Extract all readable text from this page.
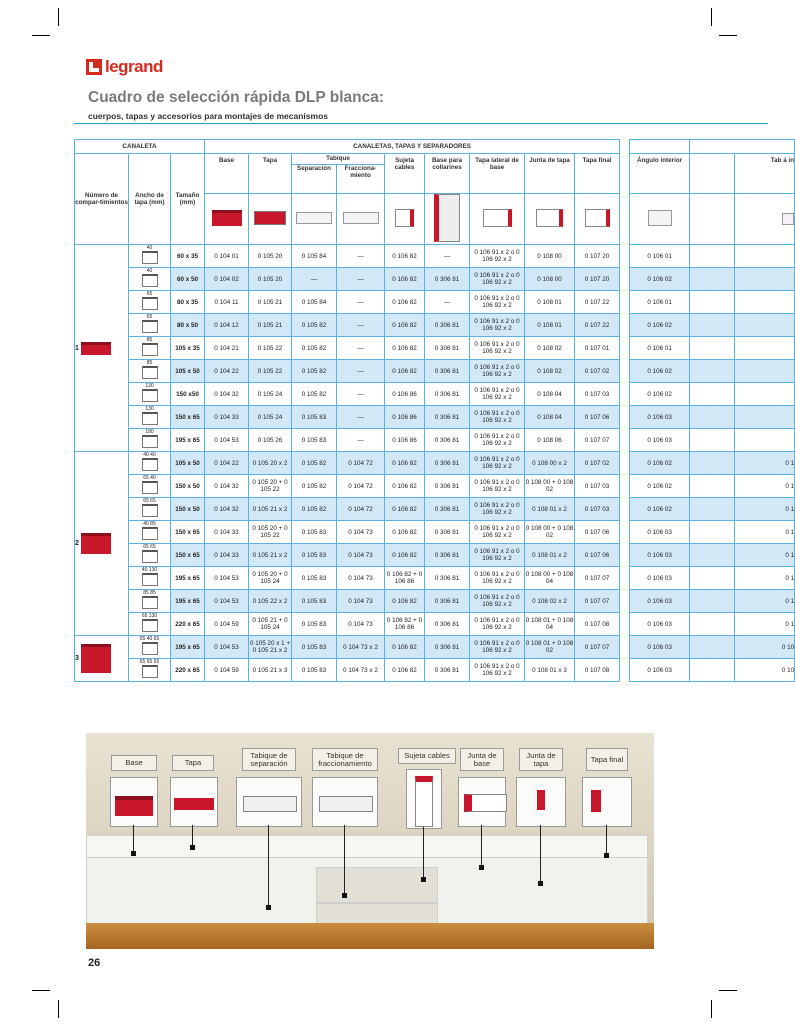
legrand
Cuadro de selección rápida DLP blanca:
cuerpos, tapas y accesorios para montajes de mecanismos
CANALETA			CANALETAS, TAPAS Y SEPARADORES												
Número de compar-timientos	Ancho de tapa (mm)	Tamaño (mm)	Base	Tapa	Tabique		Sujeta cables	Base para collarines	Tapa lateral de base	Junta de tapa	Tapa final		Ángulo interior		Tab á in
					Separación	Fracciona-miento									

1	40	60 x 35	0 104 01	0 105 20	0 105 84	—	0 106 82	—	0 106 91 x 2 o 0 106 92 x 2	0 108 00	0 107 20		0 106 01		

	40	60 x 50	0 104 02	0 105 20	—	—	0 106 82	0 306 81	0 106 91 x 2 o 0 106 92 x 2	0 108 00	0 107 20		0 106 02		

	65	80 x 35	0 104 11	0 105 21	0 105 84	—	0 106 82	—	0 106 91 x 2 o 0 106 92 x 2	0 108 01	0 107 22		0 106 01		

	65	80 x 50	0 104 12	0 105 21	0 105 82	—	0 106 82	0 306 81	0 106 91 x 2 o 0 106 92 x 2	0 108 01	0 107 22		0 106 02		

	85	105 x 35	0 104 21	0 105 22	0 105 82	—	0 106 82	0 306 81	0 106 91 x 2 o 0 106 92 x 2	0 108 02	0 107 01		0 106 01		

	85	105 x 50	0 104 22	0 105 22	0 105 82	—	0 106 82	0 306 81	0 106 91 x 2 o 0 106 92 x 2	0 108 02	0 107 02		0 106 02		

	130	150 x50	0 104 32	0 105 24	0 105 82	—	0 106 86	0 306 81	0 106 91 x 2 o 0 106 92 x 2	0 108 04	0 107 03		0 106 02		

	130	150 x 65	0 104 33	0 105 24	0 105 83	—	0 106 86	0 306 81	0 106 91 x 2 o 0 106 92 x 2	0 108 04	0 107 06		0 106 03		

	180	195 x 65	0 104 53	0 105 26	0 105 83	—	0 106 86	0 306 81	0 106 91 x 2 o 0 106 92 x 2	0 108 06	0 107 07		0 106 03		
2	40 40	105 x 50	0 104 22	0 105 20 x 2	0 105 82	0 104 72	0 106 82	0 306 81	0 106 91 x 2 o 0 106 92 x 2	0 108 00 x 2	0 107 02		0 106 02		0 1

	65 40	150 x 50	0 104 32	0 105 20 + 0 105 22	0 105 82	0 104 72	0 106 82	0 306 81	0 106 91 x 2 o 0 106 92 x 2	0 108 00 + 0 108 02	0 107 03		0 106 02		0 1

	65 65	150 x 50	0 104 32	0 105 21 x 2	0 105 82	0 104 72	0 106 82	0 306 81	0 106 91 x 2 o 0 106 92 x 2	0 108 01 x 2	0 107 03		0 106 02		0 1

	40 85	150 x 65	0 104 33	0 105 20 + 0 105 22	0 105 83	0 104 73	0 106 82	0 306 81	0 106 91 x 2 o 0 106 92 x 2	0 108 00 + 0 108 02	0 107 06		0 106 03		0 1

	65 65	150 x 65	0 104 33	0 105 21 x 2	0 105 83	0 104 73	0 106 82	0 306 81	0 106 91 x 2 o 0 106 92 x 2	0 108 01 x 2	0 107 06		0 106 03		0 1

	40 130	195 x 65	0 104 53	0 105 20 + 0 105 24	0 105 83	0 104 73	0 106 82 + 0 106 86	0 306 81	0 106 91 x 2 o 0 106 92 x 2	0 108 00 + 0 108 04	0 107 07		0 106 03		0 1

	85 85	195 x 65	0 104 53	0 105 22 x 2	0 105 83	0 104 73	0 106 82	0 306 81	0 106 91 x 2 o 0 106 92 x 2	0 108 02 x 2	0 107 07		0 106 03		0 1

	65 130	220 x 65	0 104 59	0 105 21 + 0 105 24	0 105 83	0 104 73	0 106 82 + 0 106 86	0 306 81	0 106 91 x 2 o 0 106 92 x 2	0 108 01 + 0 108 04	0 107 08		0 106 03		0 1
3	65 40 65	195 x 65	0 104 53	0 105 20 x 1 + 0 105 21 x 2	0 105 83	0 104 73 x 2	0 106 82	0 306 81	0 106 91 x 2 o 0 106 92 x 2	0 108 01 + 0 108 02	0 107 07		0 106 03		0 10

	65 65 65	220 x 65	0 104 59	0 105 21 x 3	0 105 83	0 104 73 x 2	0 106 82	0 306 81	0 106 91 x 2 o 0 106 92 x 2	0 108 01 x 3	0 107 08		0 106 03		0 10
Base	Tapa
Tabique de separación
Tabique de fraccionamiento
Sujeta cables	Junta de base
Junta de tapa	Tapa final
26
